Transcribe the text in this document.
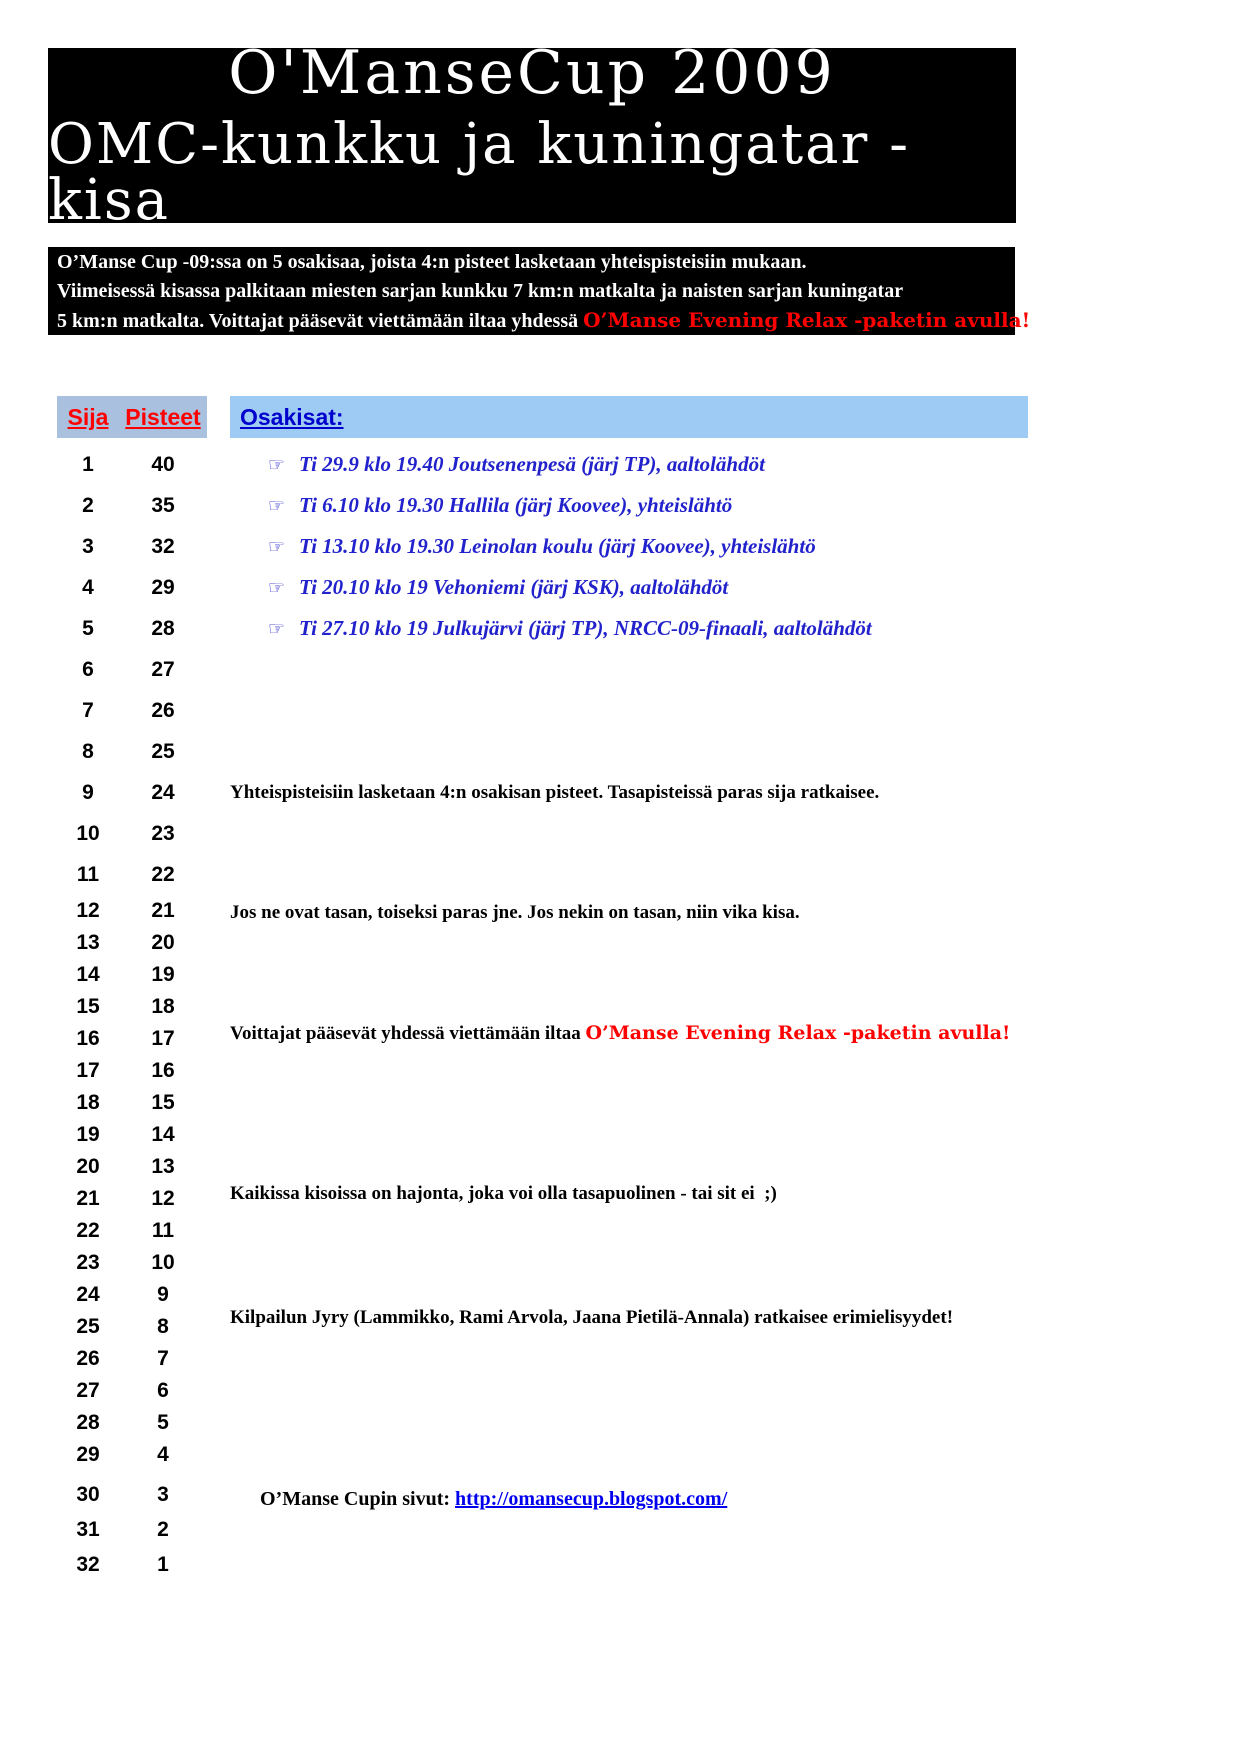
O'ManseCup 2009
OMC-kunkku ja kuningatar -kisa
O’Manse Cup -09:ssa on 5 osakisaa, joista 4:n pisteet lasketaan yhteispisteisiin mukaan.
Viimeisessä kisassa palkitaan miesten sarjan kunkku 7 km:n matkalta ja naisten sarjan kuningatar
5 km:n matkalta. Voittajat pääsevät viettämään iltaa yhdessä O’Manse Evening Relax -paketin avulla!
Sija Pisteet
1	40
2	35
3	32
4	29
5	28
6	27
7	26
8	25
9	24
10	23
11	22
12	21
13	20
14	19
15	18
16	17
17	16
18	15
19	14
20	13
21	12
22	11
23	10
24	9
25	8
26	7
27	6
28	5
29	4
30	3
31	2
32	1
Osakisat:
☞ Ti 29.9 klo 19.40 Joutsenenpesä (järj TP), aaltolähdöt
☞ Ti 6.10 klo 19.30 Hallila (järj Koovee), yhteislähtö
☞ Ti 13.10 klo 19.30 Leinolan koulu (järj Koovee), yhteislähtö
☞ Ti 20.10 klo 19 Vehoniemi (järj KSK), aaltolähdöt
☞ Ti 27.10 klo 19 Julkujärvi (järj TP), NRCC-09-finaali, aaltolähdöt

Yhteispisteisiin lasketaan 4:n osakisan pisteet. Tasapisteissä paras sija ratkaisee.

Jos ne ovat tasan, toiseksi paras jne. Jos nekin on tasan, niin vika kisa.

Voittajat pääsevät yhdessä viettämään iltaa O’Manse Evening Relax -paketin avulla!

Kaikissa kisoissa on hajonta, joka voi olla tasapuolinen - tai sit ei  ;)

Kilpailun Jyry (Lammikko, Rami Arvola, Jaana Pietilä-Annala) ratkaisee erimielisyydet!

O’Manse Cupin sivut: http://omansecup.blogspot.com/
